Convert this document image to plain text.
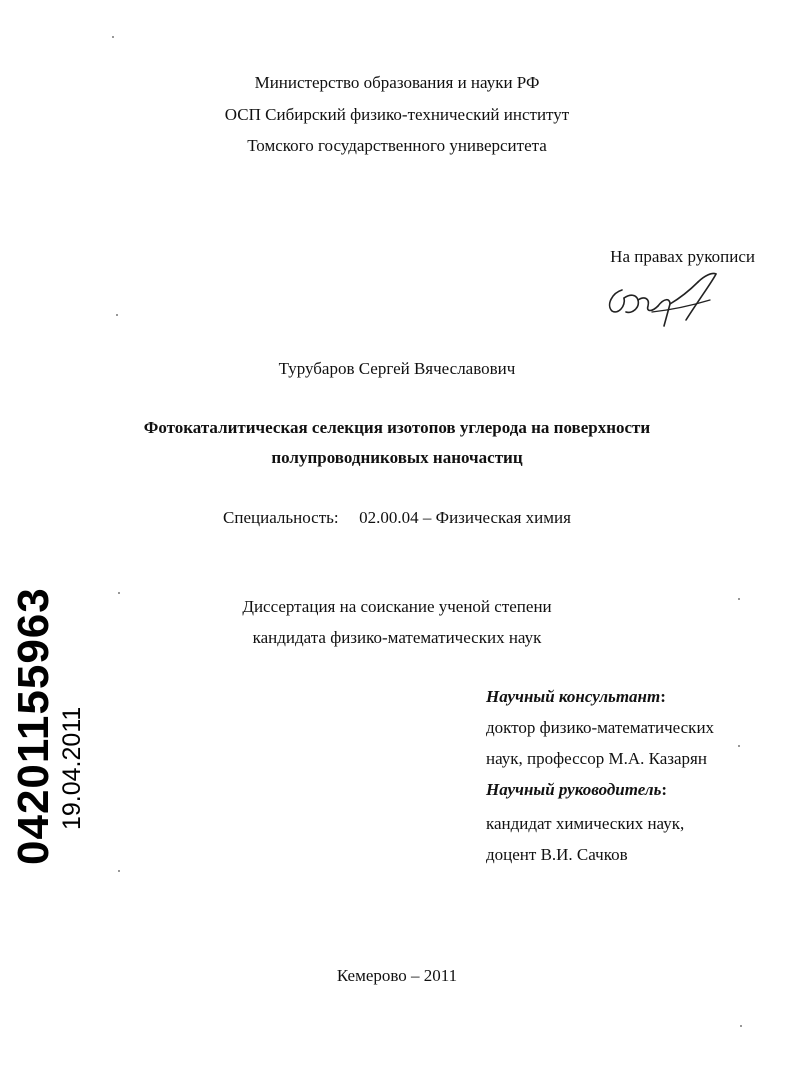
Министерство образования и науки РФ
ОСП Сибирский физико-технический институт
Томского государственного университета
На правах рукописи
Турубаров Сергей Вячеславович
Фотокаталитическая селекция изотопов углерода на поверхности
полупроводниковых наночастиц
Специальность: 02.00.04 – Физическая химия
Диссертация на соискание ученой степени
кандидата физико-математических наук
Научный консультант:
доктор физико-математических
наук, профессор М.А. Казарян
Научный руководитель:
кандидат химических наук,
доцент В.И. Сачков
Кемерово – 2011
04201155963 19.04.2011
